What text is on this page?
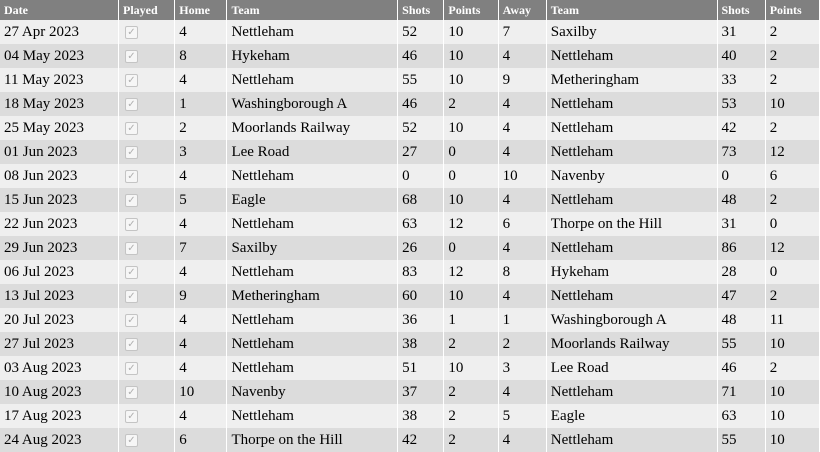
Date	Played	Home	Team	Shots	Points	Away	Team	Shots	Points
27 Apr 2023	✓	4	Nettleham	52	10	7	Saxilby	31	2
04 May 2023	✓	8	Hykeham	46	10	4	Nettleham	40	2
11 May 2023	✓	4	Nettleham	55	10	9	Metheringham	33	2
18 May 2023	✓	1	Washingborough A	46	2	4	Nettleham	53	10
25 May 2023	✓	2	Moorlands Railway	52	10	4	Nettleham	42	2
01 Jun 2023	✓	3	Lee Road	27	0	4	Nettleham	73	12
08 Jun 2023	✓	4	Nettleham	0	0	10	Navenby	0	6
15 Jun 2023	✓	5	Eagle	68	10	4	Nettleham	48	2
22 Jun 2023	✓	4	Nettleham	63	12	6	Thorpe on the Hill	31	0
29 Jun 2023	✓	7	Saxilby	26	0	4	Nettleham	86	12
06 Jul 2023	✓	4	Nettleham	83	12	8	Hykeham	28	0
13 Jul 2023	✓	9	Metheringham	60	10	4	Nettleham	47	2
20 Jul 2023	✓	4	Nettleham	36	1	1	Washingborough A	48	11
27 Jul 2023	✓	4	Nettleham	38	2	2	Moorlands Railway	55	10
03 Aug 2023	✓	4	Nettleham	51	10	3	Lee Road	46	2
10 Aug 2023	✓	10	Navenby	37	2	4	Nettleham	71	10
17 Aug 2023	✓	4	Nettleham	38	2	5	Eagle	63	10
24 Aug 2023	✓	6	Thorpe on the Hill	42	2	4	Nettleham	55	10
